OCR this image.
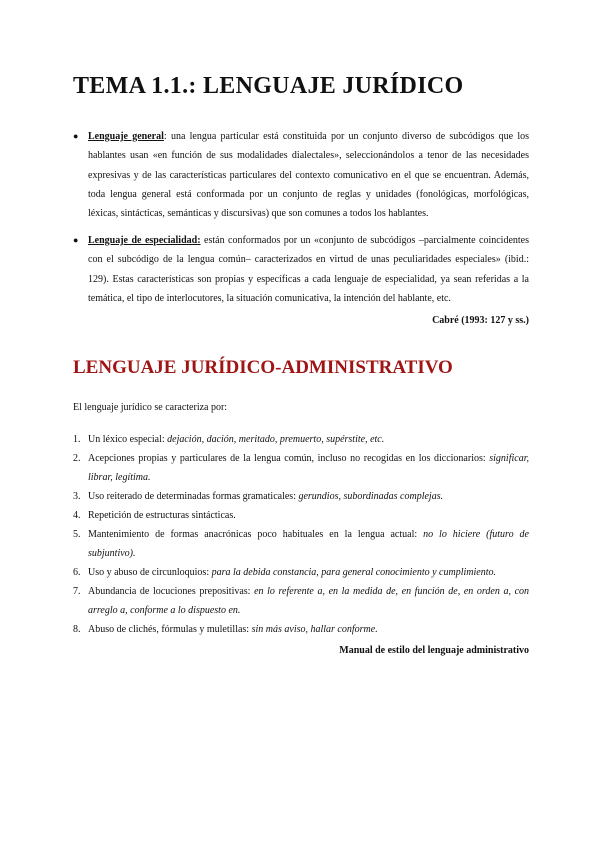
TEMA 1.1.: LENGUAJE JURÍDICO
● Lenguaje general: una lengua particular está constituida por un conjunto diverso de subcódigos que los hablantes usan «en función de sus modalidades dialectales», seleccionándolos a tenor de las necesidades expresivas y de las características particulares del contexto comunicativo en el que se encuentran. Además, toda lengua general está conformada por un conjunto de reglas y unidades (fonológicas, morfológicas, léxicas, sintácticas, semánticas y discursivas) que son comunes a todos los hablantes.
● Lenguaje de especialidad: están conformados por un «conjunto de subcódigos –parcialmente coincidentes con el subcódigo de la lengua común– caracterizados en virtud de unas peculiaridades especiales» (ibid.: 129). Estas características son propias y específicas a cada lenguaje de especialidad, ya sean referidas a la temática, el tipo de interlocutores, la situación comunicativa, la intención del hablante, etc.
Cabré (1993: 127 y ss.)
LENGUAJE JURÍDICO-ADMINISTRATIVO

El lenguaje jurídico se caracteriza por:

1. Un léxico especial: dejación, dación, meritado, premuerto, supérstite, etc.
2. Acepciones propias y particulares de la lengua común, incluso no recogidas en los diccionarios: significar, librar, legítima.
3. Uso reiterado de determinadas formas gramaticales: gerundios, subordinadas complejas.
4. Repetición de estructuras sintácticas.
5. Mantenimiento de formas anacrónicas poco habituales en la lengua actual: no lo hiciere (futuro de subjuntivo).
6. Uso y abuso de circunloquios: para la debida constancia, para general conocimiento y cumplimiento.
7. Abundancia de locuciones prepositivas: en lo referente a, en la medida de, en función de, en orden a, con arreglo a, conforme a lo dispuesto en.
8. Abuso de clichés, fórmulas y muletillas: sin más aviso, hallar conforme.
Manual de estilo del lenguaje administrativo
